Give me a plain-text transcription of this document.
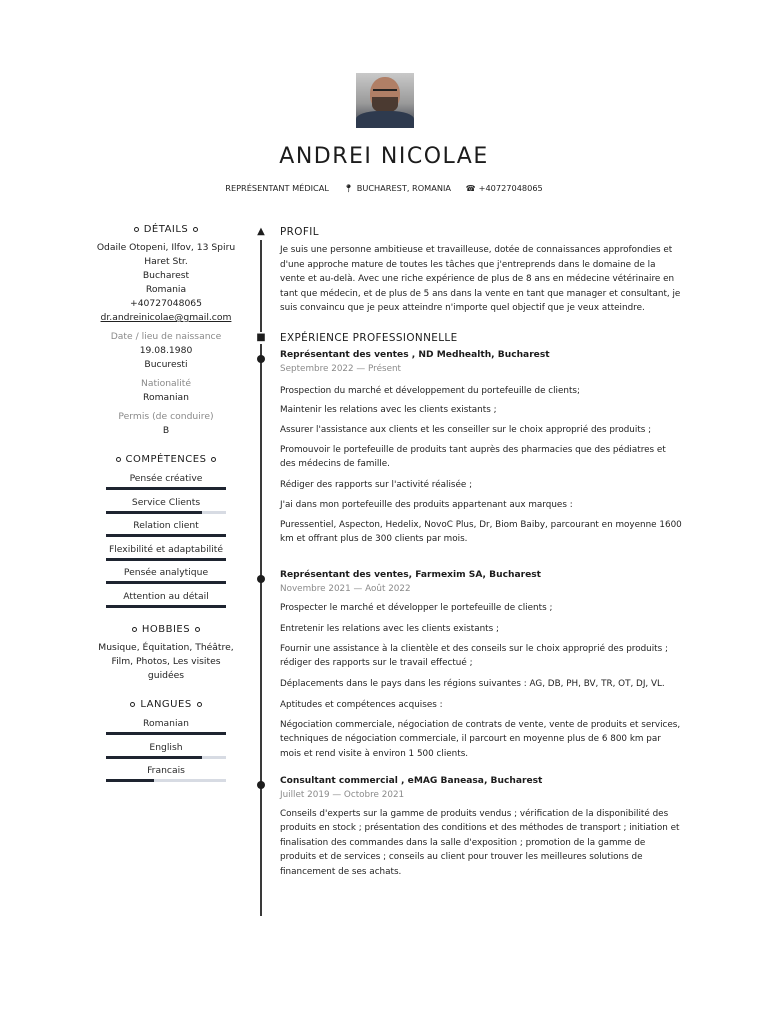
ANDREI NICOLAE
REPRÉSENTANT MÉDICAL 📍︎ BUCHAREST, ROMANIA ☎︎ +40727048065
DÉTAILS
Odaile Otopeni, Ilfov, 13 Spiru
Haret Str.
Bucharest
Romania
+40727048065
dr.andreinicolae@gmail.com
Date / lieu de naissance
19.08.1980
Bucuresti
Nationalité
Romanian
Permis (de conduire)
B
COMPÉTENCES
Pensée créative
Service Clients
Relation client
Flexibilité et adaptabilité
Pensée analytique
Attention au détail
HOBBIES
Musique, Équitation, Théâtre,
Film, Photos, Les visites guidées
LANGUES
Romanian
English
Francais
▲ PROFIL
Je suis une personne ambitieuse et travailleuse, dotée de connaissances approfondies et d'une approche mature de toutes les tâches que j'entreprends dans le domaine de la vente et au-delà. Avec une riche expérience de plus de 8 ans en médecine vétérinaire en tant que médecin, et de plus de 5 ans dans la vente en tant que manager et consultant, je suis convaincu que je peux atteindre n'importe quel objectif que je veux atteindre.
■ EXPÉRIENCE PROFESSIONNELLE
Représentant des ventes , ND Medhealth, Bucharest
Septembre 2022 — Présent
Prospection du marché et développement du portefeuille de clients;
Maintenir les relations avec les clients existants ;
Assurer l'assistance aux clients et les conseiller sur le choix approprié des produits ;
Promouvoir le portefeuille de produits tant auprès des pharmacies que des pédiatres et des médecins de famille.
Rédiger des rapports sur l'activité réalisée ;
J'ai dans mon portefeuille des produits appartenant aux marques :
Puressentiel, Aspecton, Hedelix, NovoC Plus, Dr, Biom Baiby, parcourant en moyenne 1600 km et offrant plus de 300 clients par mois.
Représentant des ventes, Farmexim SA, Bucharest
Novembre 2021 — Août 2022
Prospecter le marché et développer le portefeuille de clients ;
Entretenir les relations avec les clients existants ;
Fournir une assistance à la clientèle et des conseils sur le choix approprié des produits ; rédiger des rapports sur le travail effectué ;
Déplacements dans le pays dans les régions suivantes : AG, DB, PH, BV, TR, OT, DJ, VL.
Aptitudes et compétences acquises :
Négociation commerciale, négociation de contrats de vente, vente de produits et services, techniques de négociation commerciale, il parcourt en moyenne plus de 6 800 km par mois et rend visite à environ 1 500 clients.
Consultant commercial , eMAG Baneasa, Bucharest
Juillet 2019 — Octobre 2021
Conseils d'experts sur la gamme de produits vendus ; vérification de la disponibilité des produits en stock ; présentation des conditions et des méthodes de transport ; initiation et finalisation des commandes dans la salle d'exposition ; promotion de la gamme de produits et de services ; conseils au client pour trouver les meilleures solutions de financement de ses achats.
